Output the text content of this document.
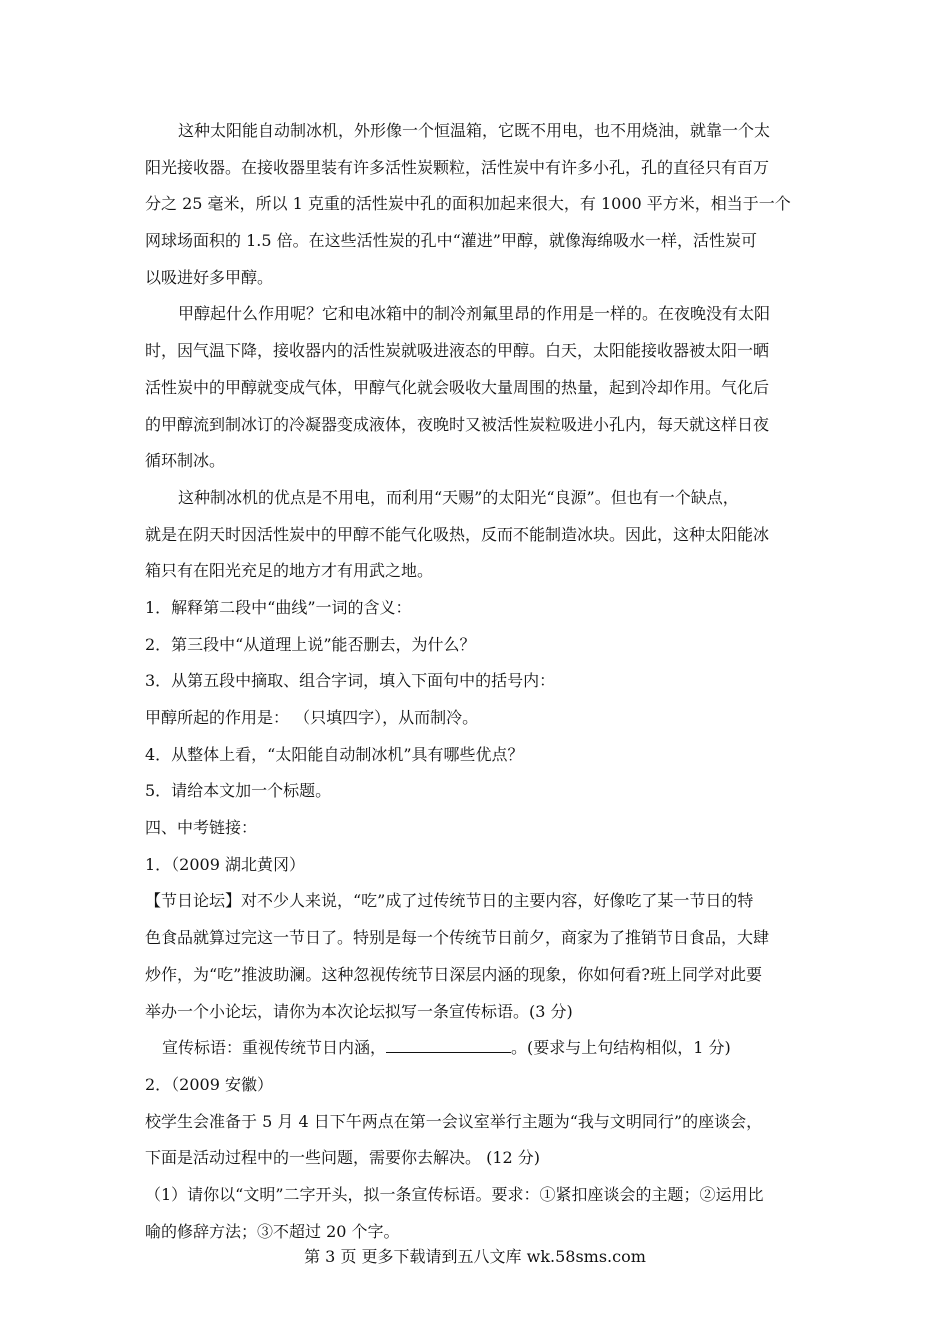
这种太阳能自动制冰机，外形像一个恒温箱，它既不用电，也不用烧油，就靠一个太
阳光接收器。在接收器里装有许多活性炭颗粒，活性炭中有许多小孔，孔的直径只有百万
分之 25 毫米，所以 1 克重的活性炭中孔的面积加起来很大，有 1000 平方米，相当于一个
网球场面积的 1.5 倍。在这些活性炭的孔中“灌进”甲醇，就像海绵吸水一样，活性炭可
以吸进好多甲醇。
甲醇起什么作用呢？它和电冰箱中的制冷剂氟里昂的作用是一样的。在夜晚没有太阳
时，因气温下降，接收器内的活性炭就吸进液态的甲醇。白天，太阳能接收器被太阳一晒
活性炭中的甲醇就变成气体，甲醇气化就会吸收大量周围的热量，起到冷却作用。气化后
的甲醇流到制冰订的冷凝器变成液体，夜晚时又被活性炭粒吸进小孔内，每天就这样日夜
循环制冰。
这种制冰机的优点是不用电，而利用“天赐”的太阳光“良源”。但也有一个缺点，
就是在阴天时因活性炭中的甲醇不能气化吸热，反而不能制造冰块。因此，这种太阳能冰
箱只有在阳光充足的地方才有用武之地。
1．解释第二段中“曲线”一词的含义：
2．第三段中“从道理上说”能否删去，为什么？
3．从第五段中摘取、组合字词，填入下面句中的括号内：
甲醇所起的作用是： （只填四字），从而制冷。
4．从整体上看，“太阳能自动制冰机”具有哪些优点？
5．请给本文加一个标题。
四、中考链接：
1．（2009 湖北黄冈）
【节日论坛】对不少人来说，“吃”成了过传统节日的主要内容，好像吃了某一节日的特
色食品就算过完这一节日了。特别是每一个传统节日前夕，商家为了推销节日食品，大肆
炒作，为“吃”推波助澜。这种忽视传统节日深层内涵的现象，你如何看?班上同学对此要
举办一个小论坛，请你为本次论坛拟写一条宣传标语。(3 分)
宣传标语：重视传统节日内涵，	。(要求与上句结构相似，1 分)
2．（2009 安徽）
校学生会准备于 5 月 4 日下午两点在第一会议室举行主题为“我与文明同行”的座谈会，
下面是活动过程中的一些问题，需要你去解决。 (12 分)
（1）请你以“文明”二字开头，拟一条宣传标语。要求：①紧扣座谈会的主题；②运用比
喻的修辞方法；③不超过 20 个字。
第 3 页 更多下载请到五八文库 wk.58sms.com
